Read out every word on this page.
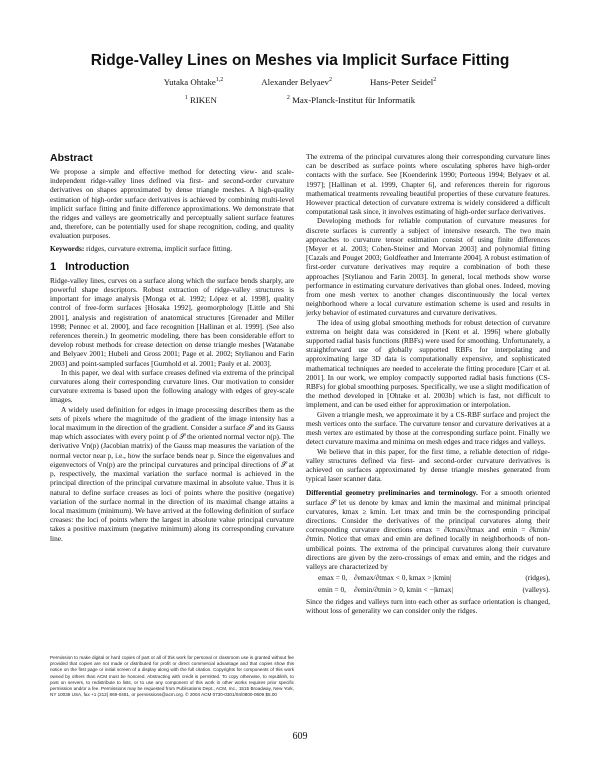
Ridge-Valley Lines on Meshes via Implicit Surface Fitting
Yutaka Ohtake$^{1,2}$	Alexander Belyaev$^2$	Hans-Peter Seidel$^2$
$^1$ RIKEN	$^2$ Max-Planck-Institut für Informatik
Abstract

We propose a simple and effective method for detecting view- and scale-independent ridge-valley lines defined via first- and second-order curvature derivatives on shapes approximated by dense triangle meshes. A high-quality estimation of high-order surface derivatives is achieved by combining multi-level implicit surface fitting and finite difference approximations. We demonstrate that the ridges and valleys are geometrically and perceptually salient surface features and, therefore, can be potentially used for shape recognition, coding, and quality evaluation purposes.

Keywords: ridges, curvature extrema, implicit surface fitting.

1 Introduction

Ridge-valley lines, curves on a surface along which the surface bends sharply, are powerful shape descriptors. Robust extraction of ridge-valley structures is important for image analysis [Monga et al. 1992; López et al. 1998], quality control of free-form surfaces [Hosaka 1992], geomorphology [Little and Shi 2001], analysis and registration of anatomical structures [Grenader and Miller 1998; Pennec et al. 2000], and face recognition [Hallinan et al. 1999]. (See also references therein.) In geometric modeling, there has been considerable effort to develop robust methods for crease detection on dense triangle meshes [Watanabe and Belyaev 2001; Hubeli and Gross 2001; Page et al. 2002; Stylianou and Farin 2003] and point-sampled surfaces [Gumhold et al. 2001; Pauly et al. 2003].

In this paper, we deal with surface creases defined via extrema of the principal curvatures along their corresponding curvature lines. Our motivation to consider curvature extrema is based upon the following analogy with edges of grey-scale images.

A widely used definition for edges in image processing describes them as the sets of pixels where the magnitude of the gradient of the image intensity has a local maximum in the direction of the gradient. Consider a surface 𝒮 and its Gauss map which associates with every point p of 𝒮 the oriented normal vector n(p). The derivative Vn(p) (Jacobian matrix) of the Gauss map measures the variation of the normal vector near p, i.e., how the surface bends near p. Since the eigenvalues and eigenvectors of Vn(p) are the principal curvatures and principal directions of 𝒮 at p, respectively, the maximal variation the surface normal is achieved in the principal direction of the principal curvature maximal in absolute value. Thus it is natural to define surface creases as loci of points where the positive (negative) variation of the surface normal in the direction of its maximal change attains a local maximum (minimum). We have arrived at the following definition of surface creases: the loci of points where the largest in absolute value principal curvature takes a positive maximum (negative minimum) along its corresponding curvature line.

The extrema of the principal curvatures along their corresponding curvature lines can be described as surface points where osculating spheres have high-order contacts with the surface. See [Koenderink 1990; Porteous 1994; Belyaev et al. 1997]; [Hallinan et al. 1999, Chapter 6], and references therein for rigorous mathematical treatments revealing beautiful properties of these curvature features. However practical detection of curvature extrema is widely considered a difficult computational task since, it involves estimating of high-order surface derivatives.

Developing methods for reliable computation of curvature measures for discrete surfaces is currently a subject of intensive research. The two main approaches to curvature tensor estimation consist of using finite differences [Meyer et al. 2003; Cohen-Steiner and Morvan 2003] and polynomial fitting [Cazals and Pouget 2003; Goldfeather and Interrante 2004]. A robust estimation of first-order curvature derivatives may require a combination of both these approaches [Stylianou and Farin 2003]. In general, local methods show worse performance in estimating curvature derivatives than global ones. Indeed, moving from one mesh vertex to another changes discontinuously the local vertex neighborhood where a local curvature estimation scheme is used and results in jerky behavior of estimated curvatures and curvature derivatives.

The idea of using global smoothing methods for robust detection of curvature extrema on height data was considered in [Kent et al. 1996] where globally supported radial basis functions (RBFs) were used for smoothing. Unfortunately, a straightforward use of globally supported RBFs for interpolating and approximating large 3D data is computationally expensive, and sophisticated mathematical techniques are needed to accelerate the fitting procedure [Carr et al. 2001]. In our work, we employ compactly supported radial basis functions (CS-RBFs) for global smoothing purposes. Specifically, we use a slight modification of the method developed in [Ohtake et al. 2003b] which is fast, not difficult to implement, and can be used either for approximation or interpolation.

Given a triangle mesh, we approximate it by a CS-RBF surface and project the mesh vertices onto the surface. The curvature tensor and curvature derivatives at a mesh vertex are estimated by those at the corresponding surface point. Finally we detect curvature maxima and minima on mesh edges and trace ridges and valleys.

We believe that in this paper, for the first time, a reliable detection of ridge-valley structures defined via first- and second-order curvature derivatives is achieved on surfaces approximated by dense triangle meshes generated from typical laser scanner data.

Differential geometry preliminaries and terminology. For a smooth oriented surface 𝒮 let us denote by kmax and kmin the maximal and minimal principal curvatures, kmax ≥ kmin. Let tmax and tmin be the corresponding principal directions. Consider the derivatives of the principal curvatures along their corresponding curvature directions emax = ∂kmax/∂tmax and emin = ∂kmin/∂tmin. Notice that emax and emin are defined locally in neighborhoods of non-umbilical points. The extrema of the principal curvatures along their curvature directions are given by the zero-crossings of emax and emin, and the ridges and valleys are characterized by

emax = 0, ∂emax/∂tmax < 0, kmax > |kmin|	(ridges),
emin = 0,	∂emin/∂tmin > 0, kmin < −|kmax|	(valleys).

Since the ridges and valleys turn into each other as surface orientation is changed, without loss of generality we can consider only the ridges.

Permission to make digital or hard copies of part or all of this work for personal or classroom use is granted without fee provided that copies are not made or distributed for profit or direct commercial advantage and that copies show this notice on the first page or initial screen of a display along with the full citation. Copyrights for components of this work owned by others than ACM must be honored. Abstracting with credit is permitted. To copy otherwise, to republish, to post on servers, to redistribute to lists, or to use any component of this work in other works requires prior specific permission and/or a fee. Permissions may be requested from Publications Dept., ACM, Inc., 1515 Broadway, New York, NY 10036 USA, fax +1 (212) 869-0481, or permissions@acm.org. © 2004 ACM 0730-0301/04/0800-0609 $5.00

609
